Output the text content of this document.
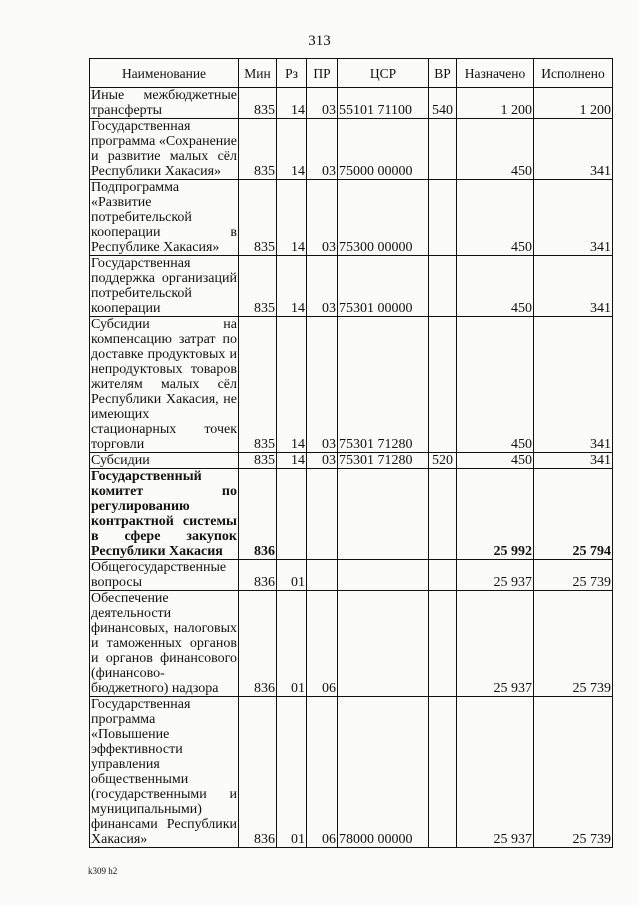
313
Наименование	Мин	Рз	ПР	ЦСР	ВР	Назначено	Исполнено
Иные межбюджетные трансферты	835	14	03	55101 71100	540	1 200	1 200
Государственная программа «Сохранение и развитие малых сёл Республики Хакасия»	835	14	03	75000 00000		450	341
Подпрограмма «Развитие потребительской кооперации в Республике Хакасия»	835	14	03	75300 00000		450	341
Государственная поддержка организаций потребительской кооперации	835	14	03	75301 00000		450	341
Субсидии на компенсацию затрат по доставке продуктовых и непродуктовых товаров жителям малых сёл Республики Хакасия, не имеющих стационарных точек торговли	835	14	03	75301 71280		450	341
Субсидии	835	14	03	75301 71280	520	450	341
Государственный комитет по регулированию контрактной системы в сфере закупок Республики Хакасия	836					25 992	25 794
Общегосударственные вопросы	836	01				25 937	25 739
Обеспечение деятельности финансовых, налоговых и таможенных органов и органов финансового (финансово-бюджетного) надзора	836	01	06			25 937	25 739
Государственная программа «Повышение эффективности управления общественными (государственными и муниципальными) финансами Республики Хакасия»	836	01	06	78000 00000		25 937	25 739
k309 h2
